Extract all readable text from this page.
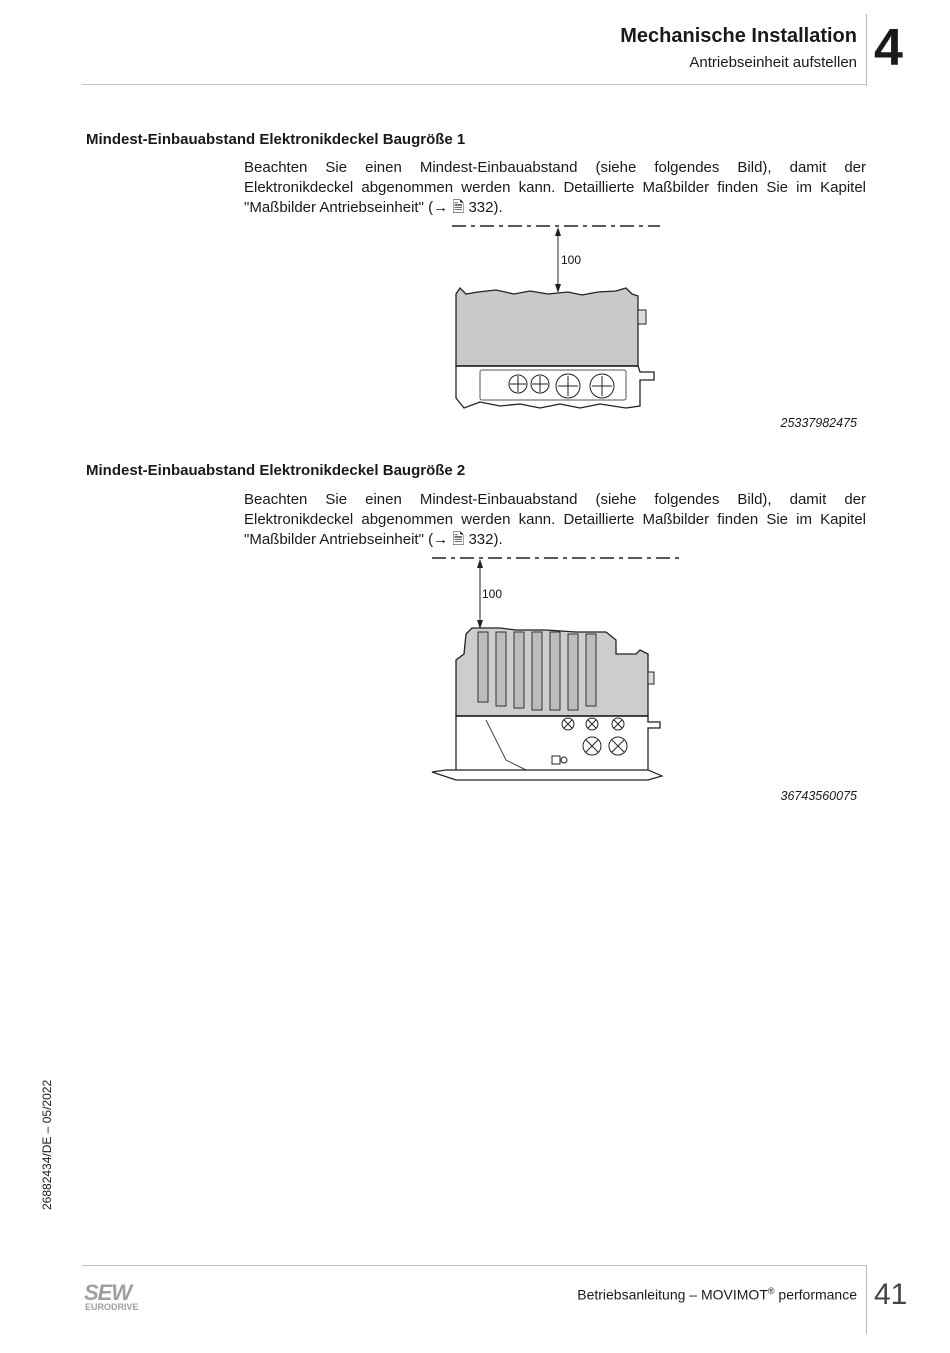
Mechanische Installation
Antriebseinheit aufstellen 4
Mindest-Einbauabstand Elektronikdeckel Baugröße 1

Beachten Sie einen Mindest-Einbauabstand (siehe folgendes Bild), damit der Elektronikdeckel abgenommen werden kann. Detaillierte Maßbilder finden Sie im Kapitel "Maßbilder Antriebseinheit" (→ 🗎 332).

100
25337982475
Mindest-Einbauabstand Elektronikdeckel Baugröße 2

Beachten Sie einen Mindest-Einbauabstand (siehe folgendes Bild), damit der Elektronikdeckel abgenommen werden kann. Detaillierte Maßbilder finden Sie im Kapitel "Maßbilder Antriebseinheit" (→ 🗎 332).

100
36743560075
26882434/DE – 05/2022
SEW
EURODRIVE
Betriebsanleitung – MOVIMOT® performance 41
